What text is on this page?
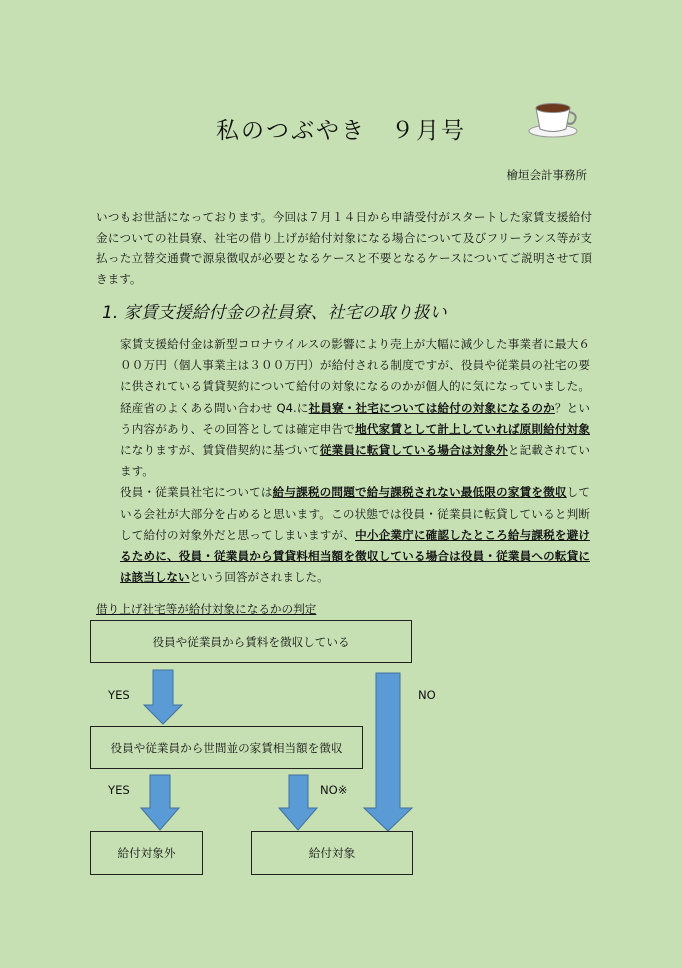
私のつぶやき　９月号
檜垣会計事務所

いつもお世話になっております。今回は７月１４日から申請受付がスタートした家賃支援給付金についての社員寮、社宅の借り上げが給付対象になる場合について及びフリーランス等が支払った立替交通費で源泉徴収が必要となるケースと不要となるケースについてご説明させて頂きます。

1. 家賃支援給付金の社員寮、社宅の取り扱い

家賃支援給付金は新型コロナウイルスの影響により売上が大幅に減少した事業者に最大６００万円（個人事業主は３００万円）が給付される制度ですが、役員や従業員の社宅の要に供されている賃貸契約について給付の対象になるのかが個人的に気になっていました。経産省のよくある問い合わせ Q4.に社員寮・社宅については給付の対象になるのか？という内容があり、その回答としては確定申告で地代家賃として計上していれば原則給付対象になりますが、賃貸借契約に基づいて従業員に転貸している場合は対象外と記載されています。

役員・従業員社宅については給与課税の問題で給与課税されない最低限の家賃を徴収している会社が大部分を占めると思います。この状態では役員・従業員に転貸していると判断して給付の対象外だと思ってしまいますが、中小企業庁に確認したところ給与課税を避けるために、役員・従業員から賃貸料相当額を徴収している場合は役員・従業員への転貸には該当しないという回答がされました。

借り上げ社宅等が給付対象になるかの判定
役員や従業員から賃料を徴収している
役員や従業員から世間並の家賃相当額を徴収
給付対象外	給付対象
YES	NO
YES	NO※
